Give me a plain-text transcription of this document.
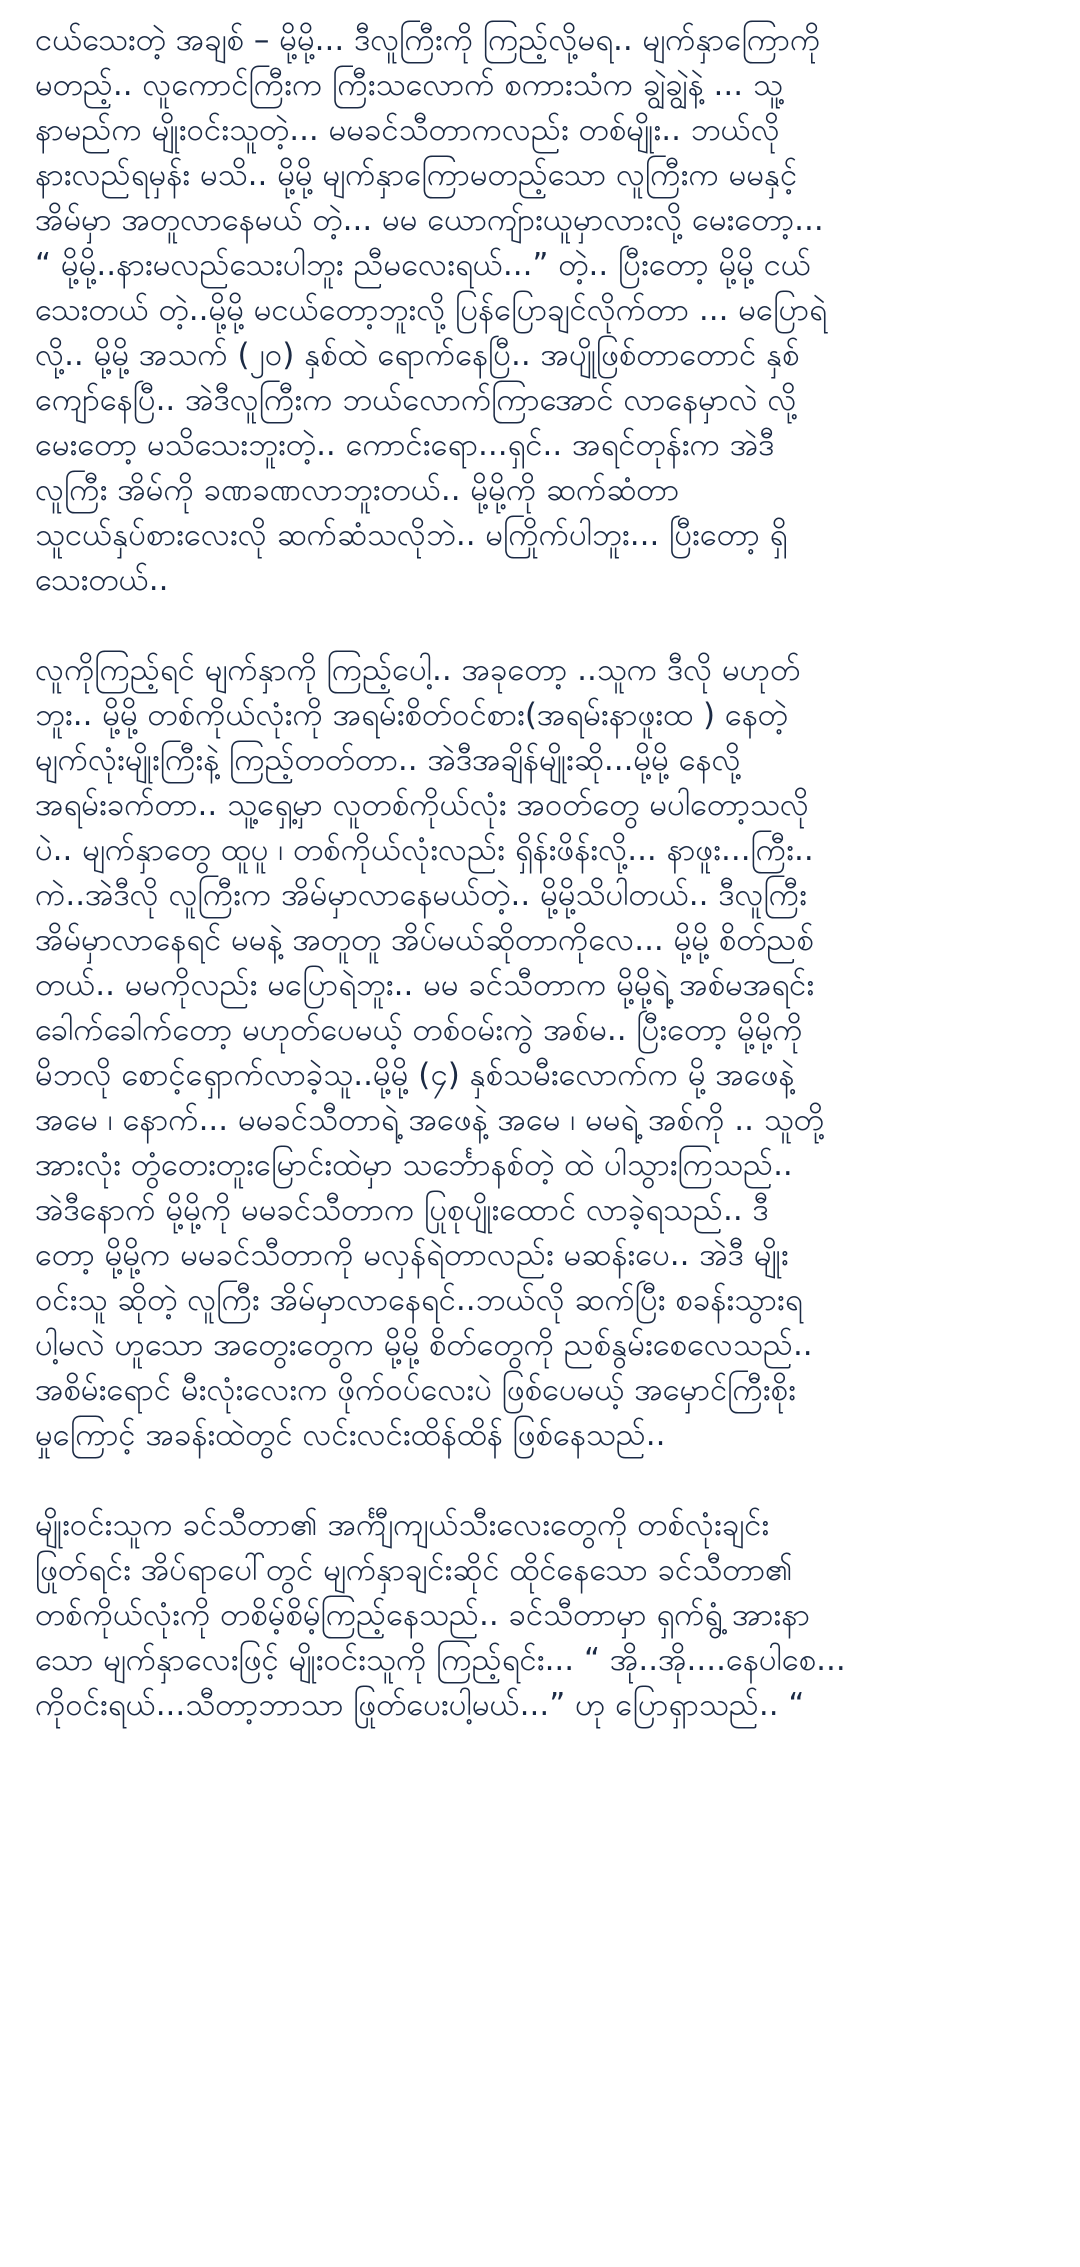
ငယ်သေးတဲ့ အချစ် – မို့မို့... ဒီလူကြီးကို ကြည့်လို့မရ.. မျက်နှာကြောကို
မတည့်.. လူကောင်ကြီးက ကြီးသလောက် စကားသံက ချွဲချွဲနဲ့ ... သူ့
နာမည်က မျိုးဝင်းသူတဲ့... မမခင်သီတာကလည်း တစ်မျိုး.. ဘယ်လို
နားလည်ရမှန်း မသိ.. မို့မို့ မျက်နှာကြောမတည့်သော လူကြီးက မမနှင့်
အိမ်မှာ အတူလာနေမယ် တဲ့... မမ ယောကျ်ားယူမှာလားလို့ မေးတော့...
“ မို့မို့..နားမလည်သေးပါဘူး ညီမလေးရယ်...” တဲ့.. ပြီးတော့ မို့မို့ ငယ်
သေးတယ် တဲ့..မို့မို့ မငယ်တော့ဘူးလို့ ပြန်ပြောချင်လိုက်တာ ... မပြောရဲ
လို့.. မို့မို့ အသက် (၂၀) နှစ်ထဲ ရောက်နေပြီ.. အပျိုဖြစ်တာတောင် နှစ်
ကျော်နေပြီ.. အဲဒီလူကြီးက ဘယ်လောက်ကြာအောင် လာနေမှာလဲ လို့
မေးတော့ မသိသေးဘူးတဲ့.. ကောင်းရော...ရှင်.. အရင်တုန်းက အဲဒီ
လူကြီး အိမ်ကို ခဏခဏလာဘူးတယ်.. မို့မို့ကို ဆက်ဆံတာ
သူငယ်နှပ်စားလေးလို ဆက်ဆံသလိုဘဲ.. မကြိုက်ပါဘူး... ပြီးတော့ ရှိ
သေးတယ်..
လူကိုကြည့်ရင် မျက်နှာကို ကြည့်ပေါ့.. အခုတော့ ..သူက ဒီလို မဟုတ်
ဘူး.. မို့မို့ တစ်ကိုယ်လုံးကို အရမ်းစိတ်ဝင်စား(အရမ်းနာဖူးထ ) နေတဲ့
မျက်လုံးမျိုးကြီးနဲ့ ကြည့်တတ်တာ.. အဲဒီအချိန်မျိုးဆို...မို့မို့ နေလို့
အရမ်းခက်တာ.. သူ့ရှေ့မှာ လူတစ်ကိုယ်လုံး အဝတ်တွေ မပါတော့သလို
ပဲ.. မျက်နှာတွေ ထူပူ ၊ တစ်ကိုယ်လုံးလည်း ရှိန်းဖိန်းလို့... နာဖူး...ကြီး..
ကဲ..အဲဒီလို လူကြီးက အိမ်မှာလာနေမယ်တဲ့.. မို့မို့သိပါတယ်.. ဒီလူကြီး
အိမ်မှာလာနေရင် မမနဲ့ အတူတူ အိပ်မယ်ဆိုတာကိုလေ... မို့မို့ စိတ်ညစ်
တယ်.. မမကိုလည်း မပြောရဲဘူး.. မမ ခင်သီတာက မို့မို့ရဲ့ အစ်မအရင်း
ခေါက်ခေါက်တော့ မဟုတ်ပေမယ့် တစ်ဝမ်းကွဲ အစ်မ.. ပြီးတော့ မို့မို့ကို
မိဘလို စောင့်ရှောက်လာခဲ့သူ..မို့မို့ (၄) နှစ်သမီးလောက်က မို့ အဖေနဲ့
အမေ ၊ နောက်... မမခင်သီတာရဲ့ အဖေနဲ့ အမေ ၊ မမရဲ့ အစ်ကို .. သူတို့
အားလုံး တွံတေးတူးမြောင်းထဲမှာ သင်္ဘောနစ်တဲ့ ထဲ ပါသွားကြသည်..
အဲဒီနောက် မို့မို့ကို မမခင်သီတာက ပြုစုပျိုးထောင် လာခဲ့ရသည်.. ဒီ
တော့ မို့မို့က မမခင်သီတာကို မလှန်ရဲတာလည်း မဆန်းပေ.. အဲဒီ မျိုး
ဝင်းသူ ဆိုတဲ့ လူကြီး အိမ်မှာလာနေရင်..ဘယ်လို ဆက်ပြီး စခန်းသွားရ
ပါ့မလဲ ဟူသော အတွေးတွေက မို့မို့ စိတ်တွေကို ညစ်နွမ်းစေလေသည်..
အစိမ်းရောင် မီးလုံးလေးက ဖိုက်ဝပ်လေးပဲ ဖြစ်ပေမယ့် အမှောင်ကြီးစိုး
မှုကြောင့် အခန်းထဲတွင် လင်းလင်းထိန်ထိန် ဖြစ်နေသည်..
မျိုးဝင်းသူက ခင်သီတာ၏ အင်္ကျီကျယ်သီးလေးတွေကို တစ်လုံးချင်း
ဖြုတ်ရင်း အိပ်ရာပေါ်တွင် မျက်နှာချင်းဆိုင် ထိုင်နေသော ခင်သီတာ၏
တစ်ကိုယ်လုံးကို တစိမ့်စိမ့်ကြည့်နေသည်.. ခင်သီတာမှာ ရှက်ရွံ့ အားနာ
သော မျက်နှာလေးဖြင့် မျိုးဝင်းသူကို ကြည့်ရင်း... “ အို..အို....နေပါစေ...
ကိုဝင်းရယ်...သီတာ့ဘာသာ ဖြုတ်ပေးပါ့မယ်...” ဟု ပြောရှာသည်.. “
